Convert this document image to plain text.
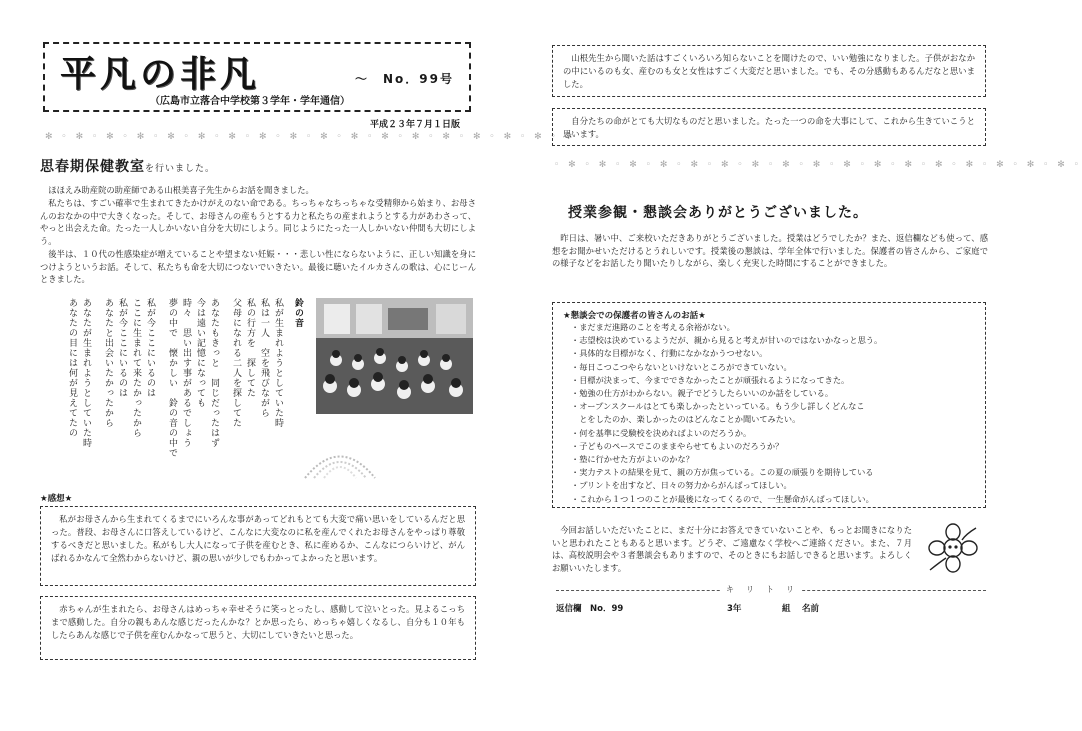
平凡の非凡	～　No．99号
（広島市立落合中学校第３学年・学年通信）
平成２３年７月１日版
✻ ◦ ✻ ◦ ✻ ◦ ✻ ◦ ✻ ◦ ✻ ◦ ✻ ◦ ✻ ◦ ✻ ◦ ✻ ◦ ✻ ◦ ✻ ◦ ✻ ◦ ✻ ◦ ✻ ◦ ✻ ◦ ✻ ◦ ✻
思春期保健教室を行いました。
ほほえみ助産院の助産師である山根美喜子先生からお話を聞きました。
私たちは、すごい確率で生まれてきたかけがえのない命である。ちっちゃなちっちゃな受精卵から始まり、お母さんのおなかの中で大きくなった。そして、お母さんの産もうとする力と私たちの産まれようとする力があわさって、やっと出会えた命。たった一人しかいない自分を大切にしよう。同じようにたった一人しかいない仲間も大切にしよう。
後半は、１０代の性感染症が増えていることや望まない妊娠・・・悲しい性にならないように、正しい知識を身につけようというお話。そして、私たちも命を大切につないでいきたい。最後に聴いたイルカさんの歌は、心にじーんときました。
鈴の音
私が生まれようとしていた時
私は一人　空を飛びながら
私の行方を　探してた
父母になれる二人を探してた
あなたもきっと　同じだったはず
今は遠い記憶になっても
時々　思い出す事があるでしょう
夢の中で　懐かしい　鈴の音の中で
私が今ここにいるのは
ここに生まれて来たかったから
私が今ここにいるのは
あなたと出会いたかったから
あなたが生まれようとしていた時
あなたの目には何が見えてたの
★感想★
私がお母さんから生まれてくるまでにいろんな事があってどれもとても大変で痛い思いをしているんだと思った。普段、お母さんに口答えしているけど、こんなに大変なのに私を産んでくれたお母さんをやっぱり尊敬するべきだと思いました。私がもし大人になって子供を産むとき、私に産めるか、こんなにつらいけど、がんばれるかなんて全然わからないけど、親の思いが少しでもわかってよかったと思います。
赤ちゃんが生まれたら、お母さんはめっちゃ幸せそうに笑っとったし、感動して泣いとった。見よるこっちまで感動した。自分の親もあんな感じだったんかな？とか思ったら、めっちゃ嬉しくなるし、自分も１０年もしたらあんな感じで子供を産むんかなって思うと、大切にしていきたいと思った。
山根先生から聞いた話はすごくいろいろ知らないことを聞けたので、いい勉強になりました。子供がおなかの中にいるのも女、産むのも女と女性はすごく大変だと思いました。でも、その分感動もあるんだなと思いました。
自分たちの命がとても大切なものだと思いました。たった一つの命を大事にして、これから生きていこうと思います。
◦ ✻ ◦ ✻ ◦ ✻ ◦ ✻ ◦ ✻ ◦ ✻ ◦ ✻ ◦ ✻ ◦ ✻ ◦ ✻ ◦ ✻ ◦ ✻ ◦ ✻ ◦ ✻ ◦ ✻ ◦ ✻ ◦ ✻ ◦
授業参観・懇談会ありがとうございました。
昨日は、暑い中、ご来校いただきありがとうございました。授業はどうでしたか？また、返信欄なども使って、感想をお聞かせいただけるとうれしいです。授業後の懇談は、学年全体で行いました。保護者の皆さんから、ご家庭での様子などをお話したり聞いたりしながら、楽しく充実した時間にすることができました。
★懇談会での保護者の皆さんのお話★
・まだまだ進路のことを考える余裕がない。
・志望校は決めているようだが、親から見ると考えが甘いのではないかなっと思う。
・具体的な目標がなく、行動になかなかうつせない。
・毎日こつこつやらないといけないところができていない。
・目標が決まって、今までできなかったことが頑張れるようになってきた。
・勉強の仕方がわからない。親子でどうしたらいいのか話をしている。
・オープンスクールはとても楽しかったといっている。もう少し詳しくどんなこ
　とをしたのか、楽しかったのはどんなことか聞いてみたい。
・何を基準に受験校を決めればよいのだろうか。
・子どものペースでこのままやらせてもよいのだろうか？
・塾に行かせた方がよいのかな？
・実力テストの結果を見て、親の方が焦っている。この夏の頑張りを期待している
・プリントを出すなど、日々の努力からがんばってほしい。
・これから１つ１つのことが最後になってくるので、一生懸命がんばってほしい。
今回お話しいただいたことに、まだ十分にお答えできていないことや、もっとお聞きになりたいと思われたこともあると思います。どうぞ、ご遠慮なく学校へご連絡ください。また、７月は、高校説明会や３者懇談会もありますので、そのときにもお話しできると思います。よろしくお願いいたします。
キ　リ　ト　リ
返信欄　No．99	3年	組 名前
